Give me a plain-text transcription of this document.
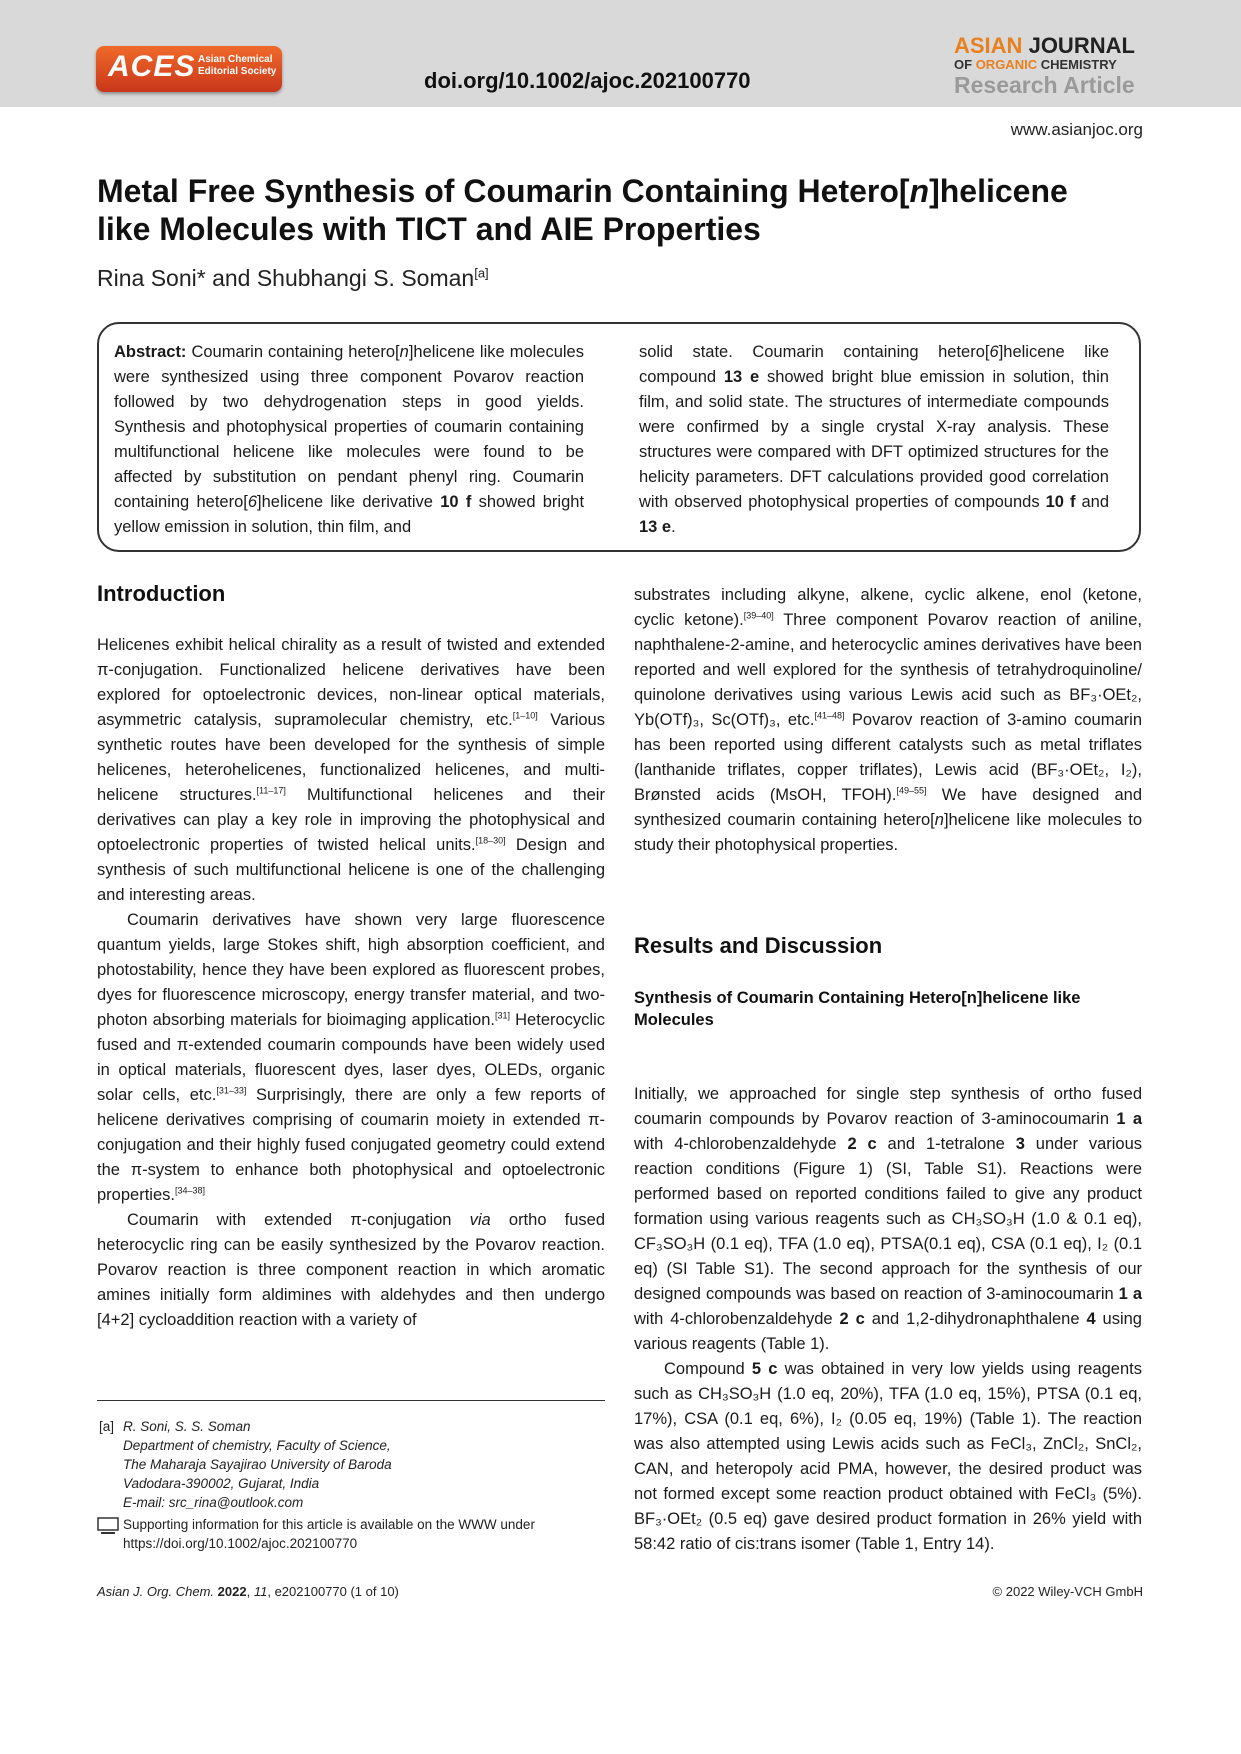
ACES Asian Chemical
Editorial Society	doi.org/10.1002/ajoc.202100770
ASIAN JOURNAL
OF ORGANIC CHEMISTRY
Research Article
www.asianjoc.org
Metal Free Synthesis of Coumarin Containing Hetero[n]helicene
like Molecules with TICT and AIE Properties
Rina Soni* and Shubhangi S. Soman[a]
Abstract: Coumarin containing hetero[n]helicene like molecules were synthesized using three component Povarov reaction followed by two dehydrogenation steps in good yields. Synthesis and photophysical properties of coumarin containing multifunctional helicene like molecules were found to be affected by substitution on pendant phenyl ring. Coumarin containing hetero[6]helicene like derivative 10 f showed bright yellow emission in solution, thin film, and
solid state. Coumarin containing hetero[6]helicene like compound 13 e showed bright blue emission in solution, thin film, and solid state. The structures of intermediate compounds were confirmed by a single crystal X-ray analysis. These structures were compared with DFT optimized structures for the helicity parameters. DFT calculations provided good correlation with observed photophysical properties of compounds 10 f and 13 e.
Introduction

Helicenes exhibit helical chirality as a result of twisted and extended π-conjugation. Functionalized helicene derivatives have been explored for optoelectronic devices, non-linear optical materials, asymmetric catalysis, supramolecular chemistry, etc.[1–10] Various synthetic routes have been developed for the synthesis of simple helicenes, heterohelicenes, functionalized helicenes, and multi-helicene structures.[11–17] Multifunctional helicenes and their derivatives can play a key role in improving the photophysical and optoelectronic properties of twisted helical units.[18–30] Design and synthesis of such multifunctional helicene is one of the challenging and interesting areas.

Coumarin derivatives have shown very large fluorescence quantum yields, large Stokes shift, high absorption coefficient, and photostability, hence they have been explored as fluorescent probes, dyes for fluorescence microscopy, energy transfer material, and two-photon absorbing materials for bioimaging application.[31] Heterocyclic fused and π-extended coumarin compounds have been widely used in optical materials, fluorescent dyes, laser dyes, OLEDs, organic solar cells, etc.[31–33] Surprisingly, there are only a few reports of helicene derivatives comprising of coumarin moiety in extended π-conjugation and their highly fused conjugated geometry could extend the π-system to enhance both photophysical and optoelectronic properties.[34–38]

Coumarin with extended π-conjugation via ortho fused heterocyclic ring can be easily synthesized by the Povarov reaction. Povarov reaction is three component reaction in which aromatic amines initially form aldimines with aldehydes and then undergo [4+2] cycloaddition reaction with a variety of

[a] R. Soni, S. S. Soman
Department of chemistry, Faculty of Science,
The Maharaja Sayajirao University of Baroda
Vadodara-390002, Gujarat, India
E-mail: src_rina@outlook.com
Supporting information for this article is available on the WWW under https://doi.org/10.1002/ajoc.202100770

substrates including alkyne, alkene, cyclic alkene, enol (ketone, cyclic ketone).[39–40] Three component Povarov reaction of aniline, naphthalene-2-amine, and heterocyclic amines derivatives have been reported and well explored for the synthesis of tetrahydroquinoline/ quinolone derivatives using various Lewis acid such as BF₃·OEt₂, Yb(OTf)₃, Sc(OTf)₃, etc.[41–48] Povarov reaction of 3-amino coumarin has been reported using different catalysts such as metal triflates (lanthanide triflates, copper triflates), Lewis acid (BF₃·OEt₂, I₂), Brønsted acids (MsOH, TFOH).[49–55] We have designed and synthesized coumarin containing hetero[n]helicene like molecules to study their photophysical properties.

Results and Discussion
Synthesis of Coumarin Containing Hetero[n]helicene like Molecules

Initially, we approached for single step synthesis of ortho fused coumarin compounds by Povarov reaction of 3-aminocoumarin 1 a with 4-chlorobenzaldehyde 2 c and 1-tetralone 3 under various reaction conditions (Figure 1) (SI, Table S1). Reactions were performed based on reported conditions failed to give any product formation using various reagents such as CH₃SO₃H (1.0 & 0.1 eq), CF₃SO₃H (0.1 eq), TFA (1.0 eq), PTSA(0.1 eq), CSA (0.1 eq), I₂ (0.1 eq) (SI Table S1). The second approach for the synthesis of our designed compounds was based on reaction of 3-aminocoumarin 1 a with 4-chlorobenzaldehyde 2 c and 1,2-dihydronaphthalene 4 using various reagents (Table 1).

Compound 5 c was obtained in very low yields using reagents such as CH₃SO₃H (1.0 eq, 20%), TFA (1.0 eq, 15%), PTSA (0.1 eq, 17%), CSA (0.1 eq, 6%), I₂ (0.05 eq, 19%) (Table 1). The reaction was also attempted using Lewis acids such as FeCl₃, ZnCl₂, SnCl₂, CAN, and heteropoly acid PMA, however, the desired product was not formed except some reaction product obtained with FeCl₃ (5%). BF₃·OEt₂ (0.5 eq) gave desired product formation in 26% yield with 58:42 ratio of cis:trans isomer (Table 1, Entry 14).

Asian J. Org. Chem. 2022, 11, e202100770 (1 of 10)	© 2022 Wiley-VCH GmbH
